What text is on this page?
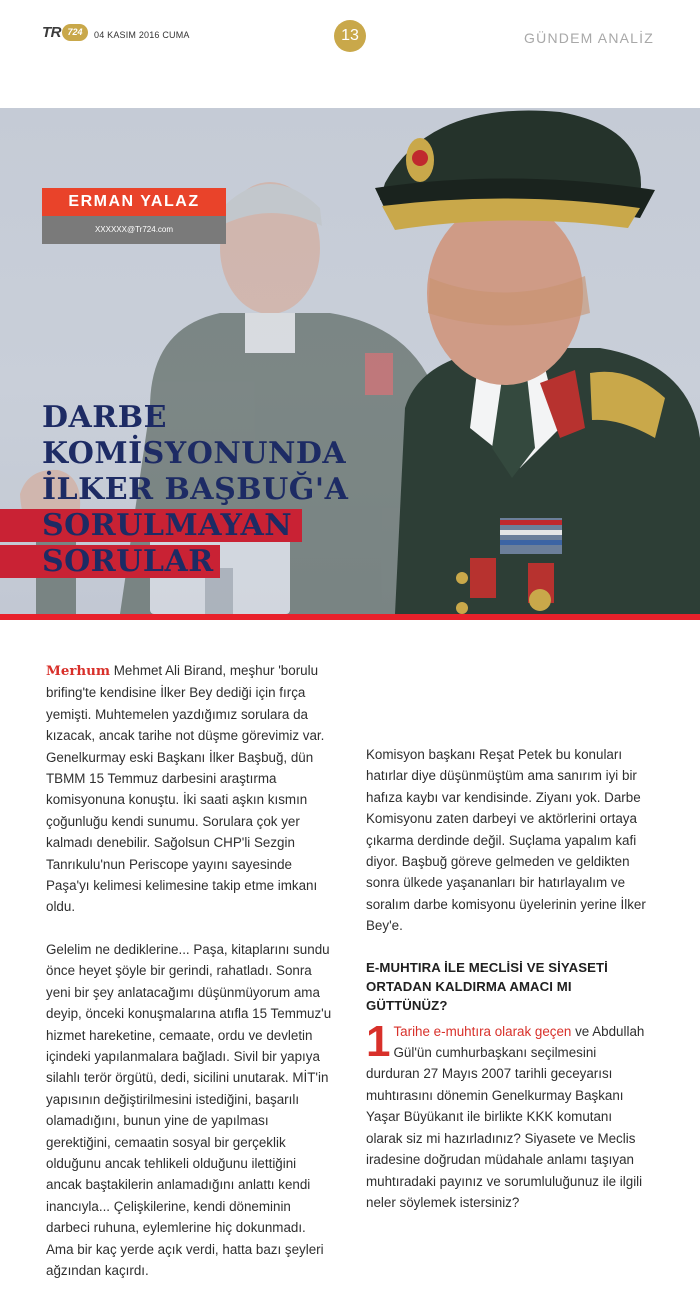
TR 724	04 KASIM 2016 CUMA	13	GÜNDEM ANALİZ
ERMAN YALAZ
XXXXXX@Tr724.com
DARBE
KOMİSYONUNDA
İLKER BAŞBUĞ'A
SORULMAYAN
SORULAR

Merhum Mehmet Ali Birand, meşhur 'borulu brifing'te kendisine İlker Bey dediği için fırça yemişti. Muhtemelen yazdığımız sorulara da kızacak, ancak tarihe not düşme görevimiz var. Genelkurmay eski Başkanı İlker Başbuğ, dün TBMM 15 Temmuz darbesini araştırma komisyonuna konuştu. İki saati aşkın kısmın çoğunluğu kendi sunumu. Sorulara çok yer kalmadı denebilir. Sağolsun CHP'li Sezgin Tanrıkulu'nun Periscope yayını sayesinde Paşa'yı kelimesi kelimesine takip etme imkanı oldu.

Gelelim ne dediklerine... Paşa, kitaplarını sundu önce heyet şöyle bir gerindi, rahatladı. Sonra yeni bir şey anlatacağımı düşünmüyorum ama deyip, önceki konuşmalarına atıfla 15 Temmuz'u hizmet hareketine, cemaate, ordu ve devletin içindeki yapılanmalara bağladı. Sivil bir yapıya silahlı terör örgütü, dedi, sicilini unutarak. MİT'in yapısının değiştirilmesini istediğini, başarılı olamadığını, bunun yine de yapılması gerektiğini, cemaatin sosyal bir gerçeklik olduğunu ancak tehlikeli olduğunu ilettiğini ancak baştakilerin anlamadığını anlattı kendi inancıyla... Çelişkilerine, kendi döneminin darbeci ruhuna, eylemlerine hiç dokunmadı. Ama bir kaç yerde açık verdi, hatta bazı şeyleri ağzından kaçırdı.

Komisyon başkanı Reşat Petek bu konuları hatırlar diye düşünmüştüm ama sanırım iyi bir hafıza kaybı var kendisinde. Ziyanı yok. Darbe Komisyonu zaten darbeyi ve aktörlerini ortaya çıkarma derdinde değil. Suçlama yapalım kafi diyor. Başbuğ göreve gelmeden ve geldikten sonra ülkede yaşananları bir hatırlayalım ve soralım darbe komisyonu üyelerinin yerine İlker Bey'e.

E-MUHTIRA İLE MECLİSİ VE SİYASETİ ORTADAN KALDIRMA AMACI MI GÜTTÜNÜZ?

1 Tarihe e-muhtıra olarak geçen ve Abdullah Gül'ün cumhurbaşkanı seçilmesini durduran 27 Mayıs 2007 tarihli geceyarısı muhtırasını dönemin Genelkurmay Başkanı Yaşar Büyükanıt ile birlikte KKK komutanı olarak siz mi hazırladınız? Siyasete ve Meclis iradesine doğrudan müdahale anlamı taşıyan muhtıradaki payınız ve sorumluluğunuz ile ilgili neler söylemek istersiniz?
